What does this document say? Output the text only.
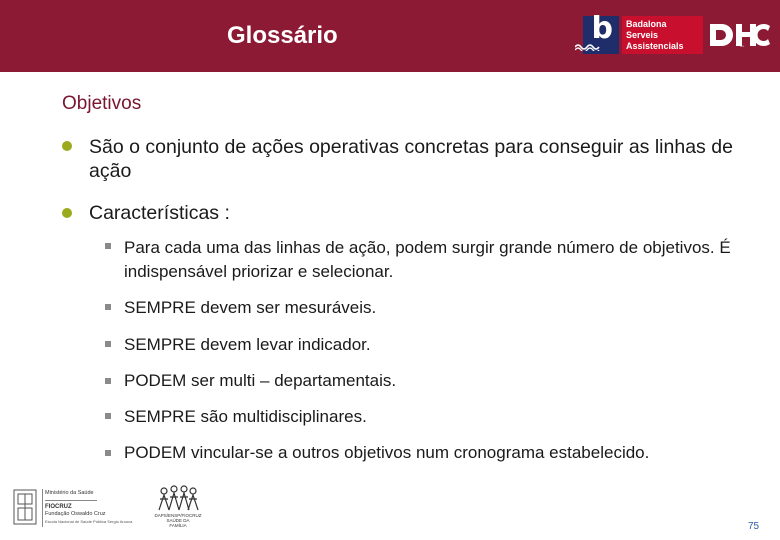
Glossário	b Badalona
Serveis
Assistencials	DHC
Objetivos
São o conjunto de ações operativas concretas para conseguir as linhas de ação
Características :
Para cada uma das linhas de ação, podem surgir grande número de objetivos. É indispensável priorizar e selecionar.
SEMPRE devem ser mesuráveis.
SEMPRE devem levar indicador.
PODEM ser multi – departamentais.
SEMPRE são multidisciplinares.
PODEM vincular-se a outros objetivos num cronograma estabelecido.
Ministério da Saúde
FIOCRUZ
Fundação Oswaldo Cruz
Escola Nacional de Saúde Pública Sergio Arouca
DAPS/ENSP/FIOCRUZ
SAÚDE DA
FAMÍLIA	75
